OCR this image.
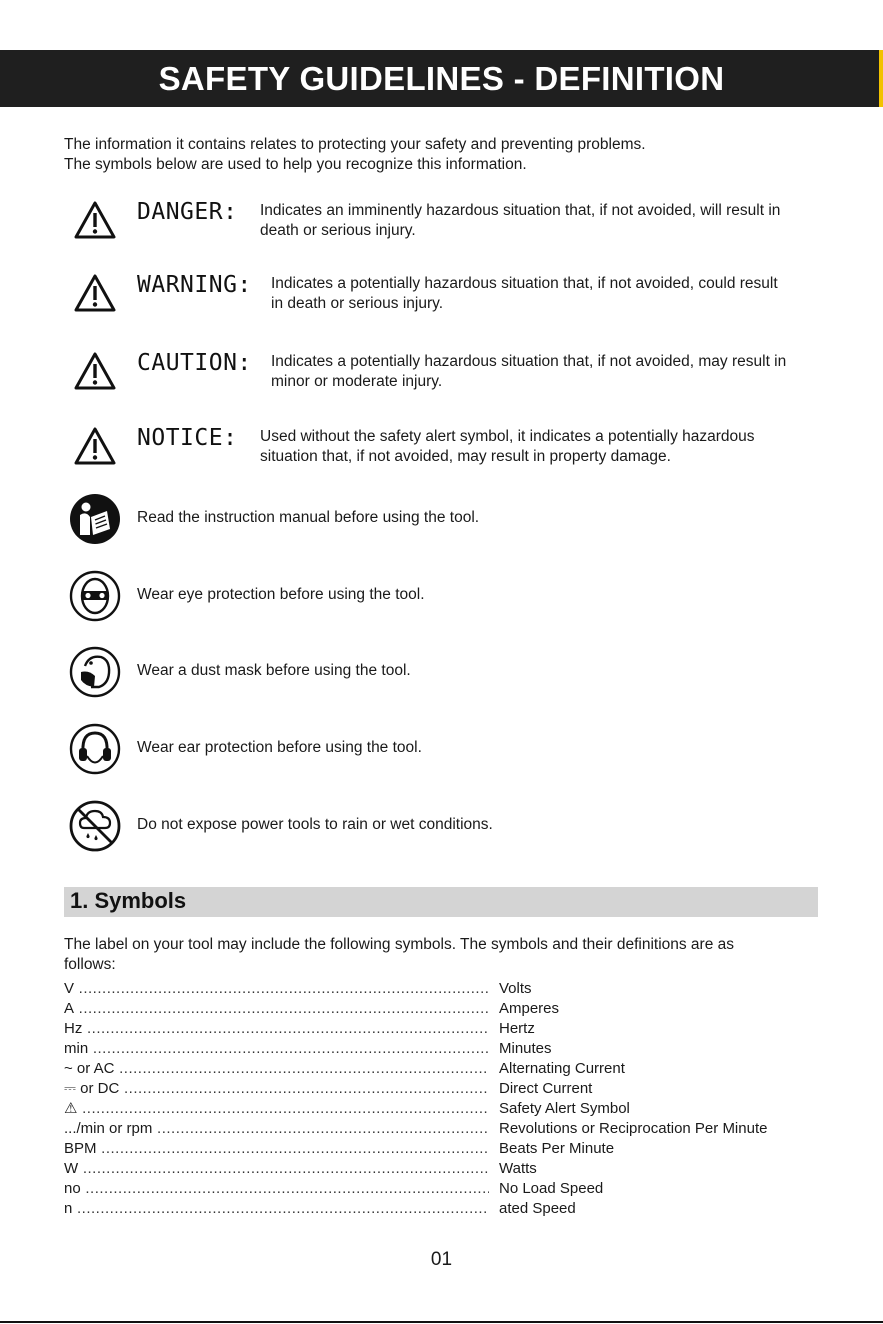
SAFETY GUIDELINES - DEFINITION
The information it contains relates to protecting your safety and preventing problems.
The symbols below are used to help you recognize this information.
DANGER: Indicates an imminently hazardous situation that, if not avoided, will result in
death or serious injury.
WARNING: Indicates a potentially hazardous situation that, if not avoided, could result
in death or serious injury.
CAUTION: Indicates a potentially hazardous situation that, if not avoided, may result in
minor or moderate injury.
NOTICE: Used without the safety alert symbol, it indicates a potentially hazardous
situation that, if not avoided, may result in property damage.
Read the instruction manual before using the tool.
Wear eye protection before using the tool.
Wear a dust mask before using the tool.
Wear ear protection before using the tool.
Do not expose power tools to rain or wet conditions.
1. Symbols
The label on your tool may include the following symbols. The symbols and their definitions are as
follows:
V .....	Volts
A .....	Amperes
Hz .....	Hertz
min .....	Minutes
~ or AC .....	Alternating Current
⎓ or DC .....	Direct Current
⚠ .....	Safety Alert Symbol
.../min or rpm .....	Revolutions or Reciprocation Per Minute
BPM .....	Beats Per Minute
W .....	Watts
no .....	No Load Speed
n .....	ated Speed
01
